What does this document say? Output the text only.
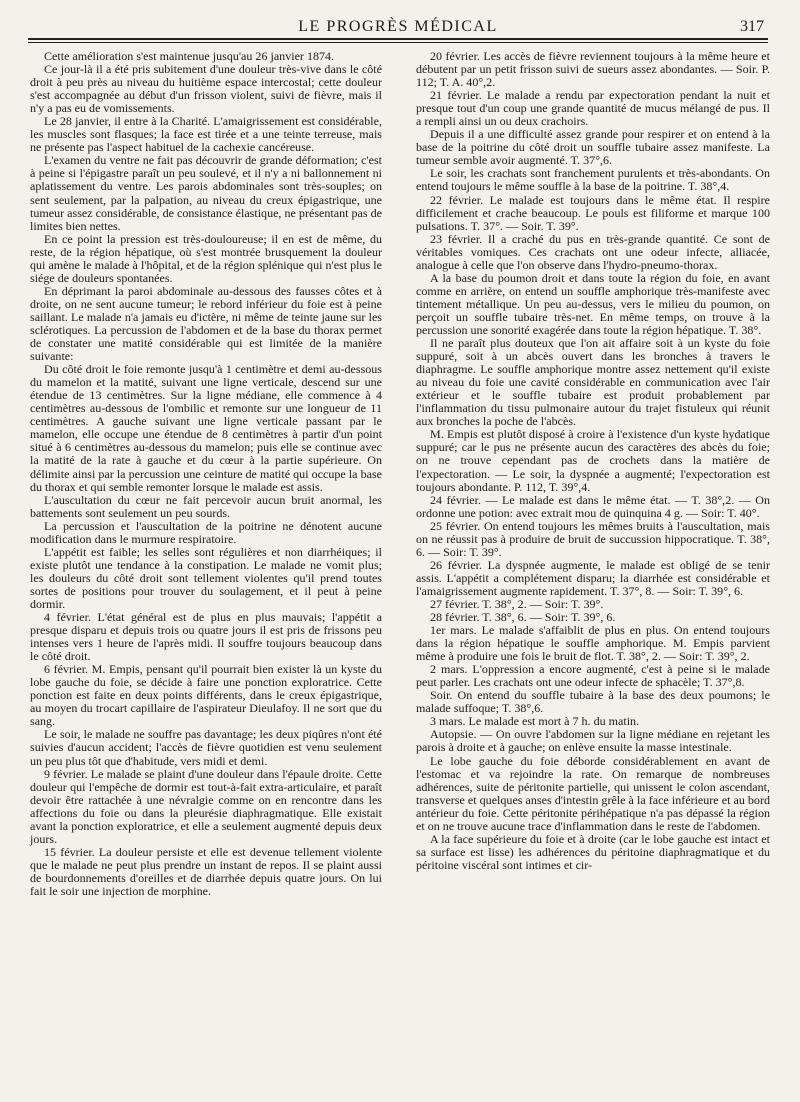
LE PROGRÈS MÉDICAL	317

Cette amélioration s'est maintenue jusqu'au 26 janvier 1874.

Ce jour-là il a été pris subitement d'une douleur très-vive dans le côté droit à peu près au niveau du huitième espace intercostal; cette douleur s'est accompagnée au début d'un frisson violent, suivi de fièvre, mais il n'y a pas eu de vomissements.

Le 28 janvier, il entre à la Charité. L'amaigrissement est considérable, les muscles sont flasques; la face est tirée et a une teinte terreuse, mais ne présente pas l'aspect habituel de la cachexie cancéreuse.

L'examen du ventre ne fait pas découvrir de grande déformation; c'est à peine si l'épigastre paraît un peu soulevé, et il n'y a ni ballonnement ni aplatissement du ventre. Les parois abdominales sont très-souples; on sent seulement, par la palpation, au niveau du creux épigastrique, une tumeur assez considérable, de consistance élastique, ne présentant pas de limites bien nettes.

En ce point la pression est très-douloureuse; il en est de même, du reste, de la région hépatique, où s'est montrée brusquement la douleur qui amène le malade à l'hôpital, et de la région splénique qui n'est plus le siége de douleurs spontanées.

En déprimant la paroi abdominale au-dessous des fausses côtes et à droite, on ne sent aucune tumeur; le rebord inférieur du foie est à peine saillant. Le malade n'a jamais eu d'ictère, ni même de teinte jaune sur les sclérotiques. La percussion de l'abdomen et de la base du thorax permet de constater une matité considérable qui est limitée de la manière suivante:

Du côté droit le foie remonte jusqu'à 1 centimètre et demi au-dessous du mamelon et la matité, suivant une ligne verticale, descend sur une étendue de 13 centimètres. Sur la ligne médiane, elle commence à 4 centimètres au-dessous de l'ombilic et remonte sur une longueur de 11 centimètres. A gauche suivant une ligne verticale passant par le mamelon, elle occupe une étendue de 8 centimètres à partir d'un point situé à 6 centimètres au-dessous du mamelon; puis elle se continue avec la matité de la rate à gauche et du cœur à la partie supérieure. On délimite ainsi par la percussion une ceinture de matité qui occupe la base du thorax et qui semble remonter lorsque le malade est assis.

L'auscultation du cœur ne fait percevoir aucun bruit anormal, les battements sont seulement un peu sourds.

La percussion et l'auscultation de la poitrine ne dénotent aucune modification dans le murmure respiratoire.

L'appétit est faible; les selles sont régulières et non diarrhéiques; il existe plutôt une tendance à la constipation. Le malade ne vomit plus; les douleurs du côté droit sont tellement violentes qu'il prend toutes sortes de positions pour trouver du soulagement, et il peut à peine dormir.

4 février. L'état général est de plus en plus mauvais; l'appétit a presque disparu et depuis trois ou quatre jours il est pris de frissons peu intenses vers 1 heure de l'après midi. Il souffre toujours beaucoup dans le côté droit.

6 février. M. Empis, pensant qu'il pourrait bien exister là un kyste du lobe gauche du foie, se décide à faire une ponction exploratrice. Cette ponction est faite en deux points différents, dans le creux épigastrique, au moyen du trocart capillaire de l'aspirateur Dieulafoy. Il ne sort que du sang.

Le soir, le malade ne souffre pas davantage; les deux piqûres n'ont été suivies d'aucun accident; l'accès de fièvre quotidien est venu seulement un peu plus tôt que d'habitude, vers midi et demi.

9 février. Le malade se plaint d'une douleur dans l'épaule droite. Cette douleur qui l'empêche de dormir est tout-à-fait extra-articulaire, et paraît devoir être rattachée à une névralgie comme on en rencontre dans les affections du foie ou dans la pleurésie diaphragmatique. Elle existait avant la ponction exploratrice, et elle a seulement augmenté depuis deux jours.

15 février. La douleur persiste et elle est devenue tellement violente que le malade ne peut plus prendre un instant de repos. Il se plaint aussi de bourdonnements d'oreilles et de diarrhée depuis quatre jours. On lui fait le soir une injection de morphine.

20 février. Les accès de fièvre reviennent toujours à la même heure et débutent par un petit frisson suivi de sueurs assez abondantes. — Soir. P. 112; T. A. 40°,2.

21 février. Le malade a rendu par expectoration pendant la nuit et presque tout d'un coup une grande quantité de mucus mélangé de pus. Il a rempli ainsi un ou deux crachoirs.

Depuis il a une difficulté assez grande pour respirer et on entend à la base de la poitrine du côté droit un souffle tubaire assez manifeste. La tumeur semble avoir augmenté. T. 37°,6.

Le soir, les crachats sont franchement purulents et très-abondants. On entend toujours le même souffle à la base de la poitrine. T. 38°,4.

22 février. Le malade est toujours dans le même état. Il respire difficilement et crache beaucoup. Le pouls est filiforme et marque 100 pulsations. T. 37°. — Soir. T. 39°.

23 février. Il a craché du pus en très-grande quantité. Ce sont de véritables vomiques. Ces crachats ont une odeur infecte, alliacée, analogue à celle que l'on observe dans l'hydro-pneumo-thorax.

A la base du poumon droit et dans toute la région du foie, en avant comme en arrière, on entend un souffle amphorique très-manifeste avec tintement métallique. Un peu au-dessus, vers le milieu du poumon, on perçoit un souffle tubaire très-net. En même temps, on trouve à la percussion une sonorité exagérée dans toute la région hépatique. T. 38°.

Il ne paraît plus douteux que l'on ait affaire soit à un kyste du foie suppuré, soit à un abcès ouvert dans les bronches à travers le diaphragme. Le souffle amphorique montre assez nettement qu'il existe au niveau du foie une cavité considérable en communication avec l'air extérieur et le souffle tubaire est produit probablement par l'inflammation du tissu pulmonaire autour du trajet fistuleux qui réunit aux bronches la poche de l'abcès.

M. Empis est plutôt disposé à croire à l'existence d'un kyste hydatique suppuré; car le pus ne présente aucun des caractères des abcès du foie; on ne trouve cependant pas de crochets dans la matière de l'expectoration. — Le soir, la dyspnée a augmenté; l'expectoration est toujours abondante. P. 112, T. 39°,4.

24 février. — Le malade est dans le même état. — T. 38°,2. — On ordonne une potion: avec extrait mou de quinquina 4 g. — Soir: T. 40°.

25 février. On entend toujours les mêmes bruits à l'auscultation, mais on ne réussit pas à produire de bruit de succussion hippocratique. T. 38°, 6. — Soir: T. 39°.

26 février. La dyspnée augmente, le malade est obligé de se tenir assis. L'appétit a complétement disparu; la diarrhée est considérable et l'amaigrissement augmente rapidement. T. 37°, 8. — Soir: T. 39°, 6.

27 février. T. 38°, 2. — Soir: T. 39°.

28 février. T. 38°, 6. — Soir: T. 39°, 6.

1er mars. Le malade s'affaiblit de plus en plus. On entend toujours dans la région hépatique le souffle amphorique. M. Empis parvient même à produire une fois le bruit de flot. T. 38°, 2. — Soir: T. 39°, 2.

2 mars. L'oppression a encore augmenté, c'est à peine si le malade peut parler. Les crachats ont une odeur infecte de sphacèle; T. 37°,8.

Soir. On entend du souffle tubaire à la base des deux poumons; le malade suffoque; T. 38°,6.

3 mars. Le malade est mort à 7 h. du matin.

Autopsie. — On ouvre l'abdomen sur la ligne médiane en rejetant les parois à droite et à gauche; on enlève ensuite la masse intestinale.

Le lobe gauche du foie déborde considérablement en avant de l'estomac et va rejoindre la rate. On remarque de nombreuses adhérences, suite de péritonite partielle, qui unissent le colon ascendant, transverse et quelques anses d'intestin grêle à la face inférieure et au bord antérieur du foie. Cette péritonite périhépatique n'a pas dépassé la région et on ne trouve aucune trace d'inflammation dans le reste de l'abdomen.

A la face supérieure du foie et à droite (car le lobe gauche est intact et sa surface est lisse) les adhérences du péritoine diaphragmatique et du péritoine viscéral sont intimes et cir-
